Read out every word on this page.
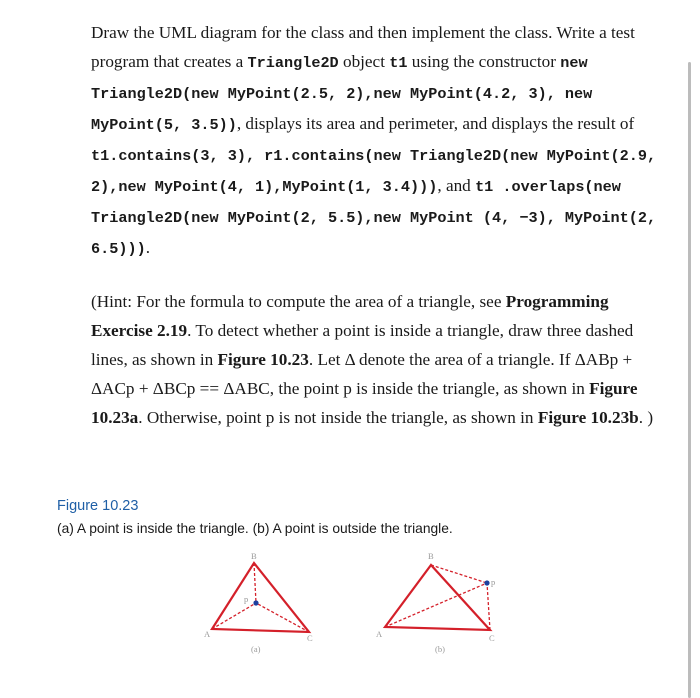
Draw the UML diagram for the class and then implement the class. Write a test program that creates a Triangle2D object t1 using the constructor new Triangle2D(new MyPoint(2.5, 2),new MyPoint(4.2, 3), new MyPoint(5, 3.5)), displays its area and perimeter, and displays the result of t1.contains(3, 3), r1.contains(new Triangle2D(new MyPoint(2.9, 2),new MyPoint(4, 1),MyPoint(1, 3.4))), and t1 .overlaps(new Triangle2D(new MyPoint(2, 5.5),new MyPoint (4, −3), MyPoint(2, 6.5))).

(Hint: For the formula to compute the area of a triangle, see Programming Exercise 2.19. To detect whether a point is inside a triangle, draw three dashed lines, as shown in Figure 10.23. Let Δ denote the area of a triangle. If ΔABp + ΔACp + ΔBCp == ΔABC, the point p is inside the triangle, as shown in Figure 10.23a. Otherwise, point p is not inside the triangle, as shown in Figure 10.23b. )

Figure 10.23

(a) A point is inside the triangle. (b) A point is outside the triangle.

A
B
C
p
(a)
A
B
C
p
(b)
